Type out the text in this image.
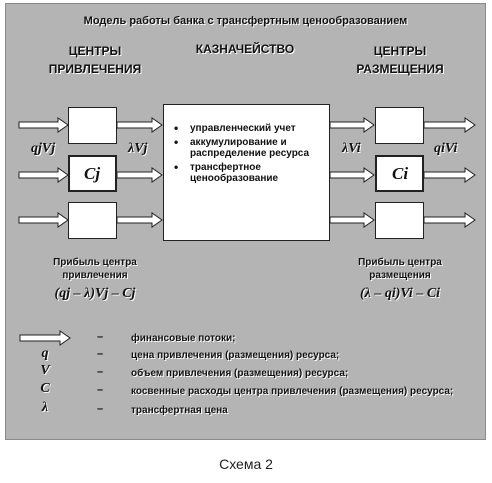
Модель работы банка с трансфертным ценообразованием
ЦЕНТРЫ
ПРИВЛЕЧЕНИЯ
КАЗНАЧЕЙСТВО	ЦЕНТРЫ
РАЗМЕЩЕНИЯ
Cj
• управленческий учет
• аккумулирование и распределение ресурса
• трансфертное ценообразование	Ci
qjVj	λVj	λVi	qiVi
Прибыль центра
привлечения
(qj – λ)Vj – Cj
Прибыль центра
размещения
(λ – qi)Vi – Ci
–	финансовые потоки;
q	–	цена привлечения (размещения) ресурса;
V	–	объем привлечения (размещения) ресурса;
C	–	косвенные расходы центра привлечения (размещения) ресурса;
λ	–	трансфертная цена
Схема 2
